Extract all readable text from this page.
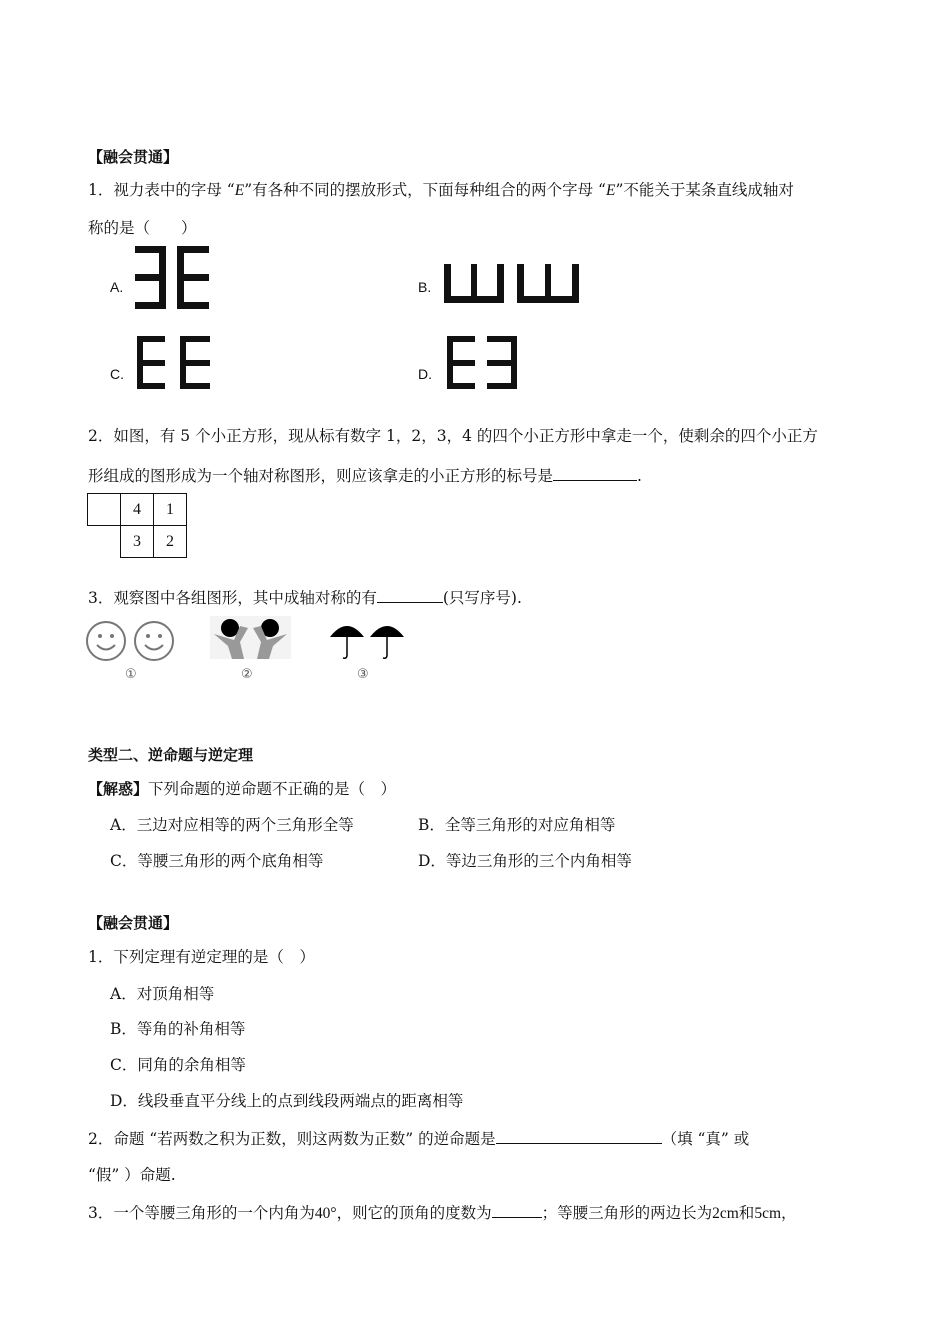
【融会贯通】
1．视力表中的字母 “E”有各种不同的摆放形式，下面每种组合的两个字母 “E”不能关于某条直线成轴对
称的是（　　）
A.	B.
C.	D.
2．如图，有 5 个小正方形，现从标有数字 1，2，3，4 的四个小正方形中拿走一个，使剩余的四个小正方
形组成的图形成为一个轴对称图形，则应该拿走的小正方形的标号是	.
	4	1
	3	2
3．观察图中各组图形，其中成轴对称的有	(只写序号).
①	②	③
类型二、逆命题与逆定理
【解惑】下列命题的逆命题不正确的是（　）
A．三边对应相等的两个三角形全等	B．全等三角形的对应角相等
C．等腰三角形的两个底角相等	D．等边三角形的三个内角相等
【融会贯通】
1．下列定理有逆定理的是（　）
A．对顶角相等
B．等角的补角相等
C．同角的余角相等
D．线段垂直平分线上的点到线段两端点的距离相等
2．命题 “若两数之积为正数，则这两数为正数” 的逆命题是	（填 “真” 或
“假” ）命题.
3．一个等腰三角形的一个内角为40°，则它的顶角的度数为	；等腰三角形的两边长为2cm和5cm，
